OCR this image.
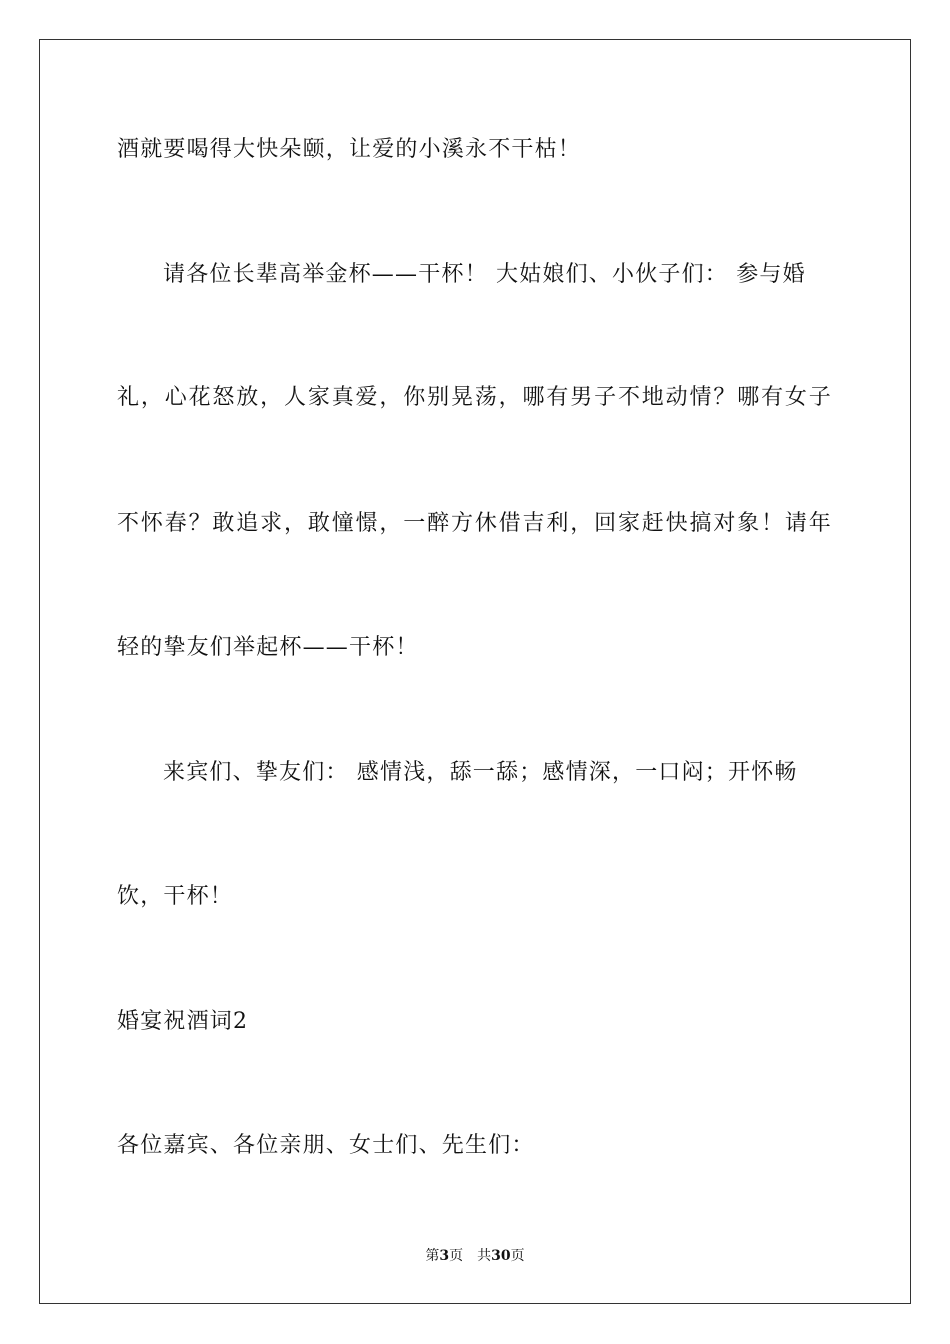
酒就要喝得大快朵颐，让爱的小溪永不干枯！
请各位长辈高举金杯——干杯！ 大姑娘们、小伙子们： 参与婚
礼，心花怒放，人家真爱，你别晃荡，哪有男子不地动情？哪有女子
不怀春？敢追求，敢憧憬，一醉方休借吉利，回家赶快搞对象！请年
轻的挚友们举起杯——干杯！
来宾们、挚友们： 感情浅，舔一舔；感情深，一口闷；开怀畅
饮，干杯！
婚宴祝酒词2
各位嘉宾、各位亲朋、女士们、先生们：
第3页 共30页
